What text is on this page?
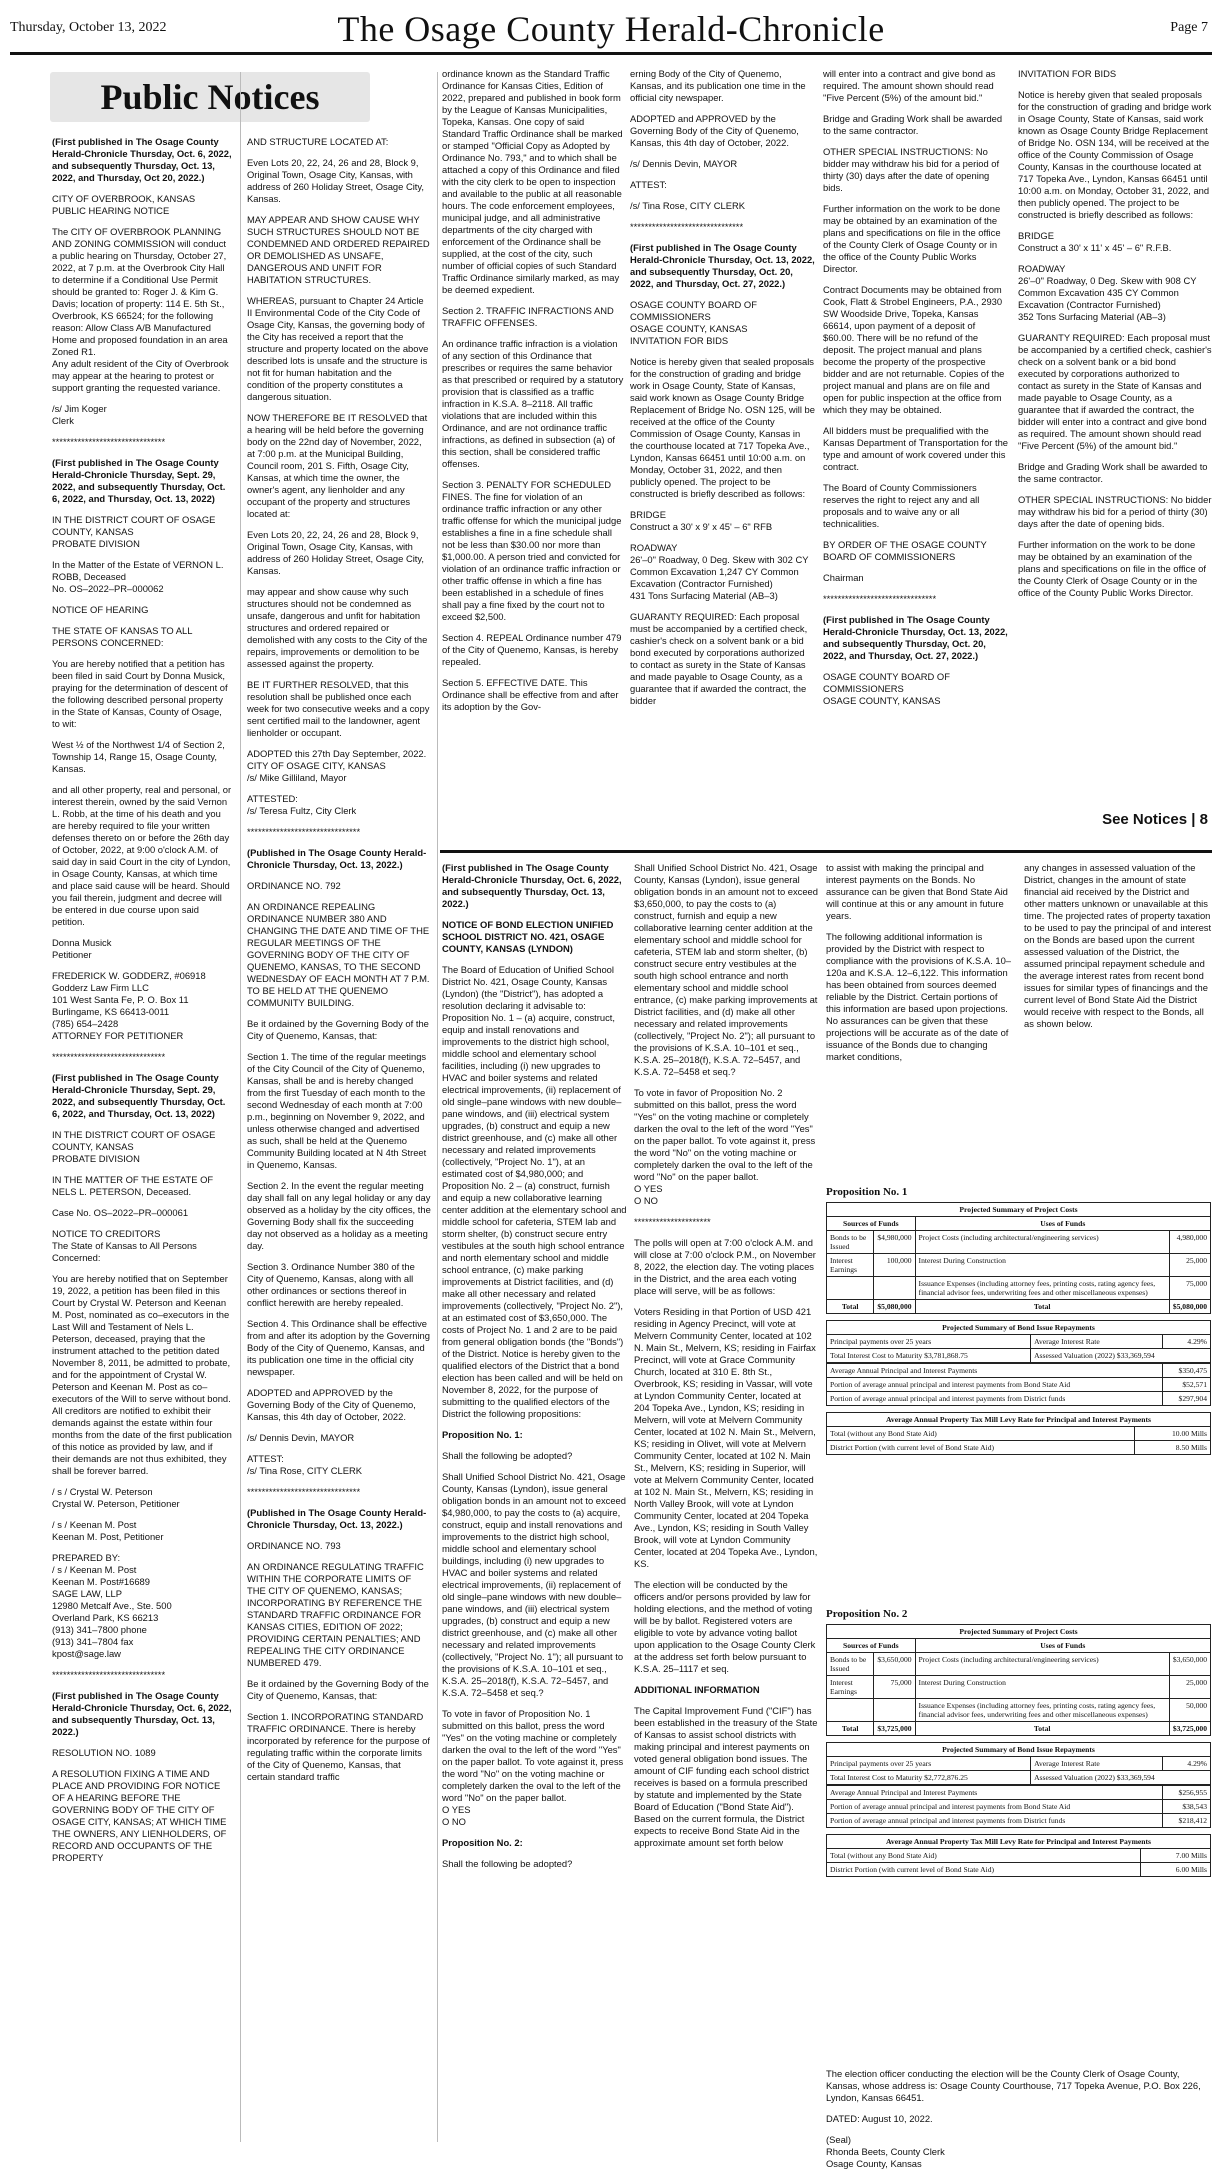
Thursday, October 13, 2022	The Osage County Herald-Chronicle	Page 7
Public Notices

(First published in The Osage County Herald-Chronicle Thursday, Oct. 6, 2022, and subsequently Thursday, Oct. 13, 2022, and Thursday, Oct 20, 2022.)

CITY OF OVERBROOK, KANSAS
PUBLIC HEARING NOTICE

The CITY OF OVERBROOK PLANNING AND ZONING COMMISSION will conduct a public hearing on Thursday, October 27, 2022, at 7 p.m. at the Overbrook City Hall to determine if a Conditional Use Permit should be granted to: Roger J. & Kim G. Davis; location of property: 114 E. 5th St., Overbrook, KS 66524; for the following reason: Allow Class A/B Manufactured Home and proposed foundation in an area Zoned R1.
Any adult resident of the City of Overbrook may appear at the hearing to protest or support granting the requested variance.

/s/ Jim Koger
Clerk

*******************************

(First published in The Osage County Herald-Chronicle Thursday, Sept. 29, 2022, and subsequently Thursday, Oct. 6, 2022, and Thursday, Oct. 13, 2022)

IN THE DISTRICT COURT OF OSAGE COUNTY, KANSAS
PROBATE DIVISION

In the Matter of the Estate of VERNON L. ROBB, Deceased
No. OS–2022–PR–000062

NOTICE OF HEARING

THE STATE OF KANSAS TO ALL PERSONS CONCERNED:

You are hereby notified that a petition has been filed in said Court by Donna Musick, praying for the determination of descent of the following described personal property in the State of Kansas, County of Osage, to wit:

West ½ of the Northwest 1/4 of Section 2, Township 14, Range 15, Osage County, Kansas.

and all other property, real and personal, or interest therein, owned by the said Vernon L. Robb, at the time of his death and you are hereby required to file your written defenses thereto on or before the 26th day of October, 2022, at 9:00 o'clock A.M. of said day in said Court in the city of Lyndon, in Osage County, Kansas, at which time and place said cause will be heard. Should you fail therein, judgment and decree will be entered in due course upon said petition.

Donna Musick
Petitioner

FREDERICK W. GODDERZ, #06918
Godderz Law Firm LLC
101 West Santa Fe, P. O. Box 11
Burlingame, KS 66413-0011
(785) 654–2428
ATTORNEY FOR PETITIONER

*******************************

(First published in The Osage County Herald-Chronicle Thursday, Sept. 29, 2022, and subsequently Thursday, Oct. 6, 2022, and Thursday, Oct. 13, 2022)

IN THE DISTRICT COURT OF OSAGE COUNTY, KANSAS
PROBATE DIVISION

IN THE MATTER OF THE ESTATE OF NELS L. PETERSON, Deceased.

Case No. OS–2022–PR–000061

NOTICE TO CREDITORS
The State of Kansas to All Persons Concerned:

You are hereby notified that on September 19, 2022, a petition has been filed in this Court by Crystal W. Peterson and Keenan M. Post, nominated as co–executors in the Last Will and Testament of Nels L. Peterson, deceased, praying that the instrument attached to the petition dated November 8, 2011, be admitted to probate, and for the appointment of Crystal W. Peterson and Keenan M. Post as co–executors of the Will to serve without bond.
All creditors are notified to exhibit their demands against the estate within four months from the date of the first publication of this notice as provided by law, and if their demands are not thus exhibited, they shall be forever barred.

/ s / Crystal W. Peterson
Crystal W. Peterson, Petitioner

/ s / Keenan M. Post
Keenan M. Post, Petitioner

PREPARED BY:
/ s / Keenan M. Post
Keenan M. Post#16689
SAGE LAW, LLP
12980 Metcalf Ave., Ste. 500
Overland Park, KS 66213
(913) 341–7800 phone
(913) 341–7804 fax
kpost@sage.law

*******************************

(First published in The Osage County Herald-Chronicle Thursday, Oct. 6, 2022, and subsequently Thursday, Oct. 13, 2022.)

RESOLUTION NO. 1089

A RESOLUTION FIXING A TIME AND PLACE AND PROVIDING FOR NOTICE OF A HEARING BEFORE THE GOVERNING BODY OF THE CITY OF OSAGE CITY, KANSAS; AT WHICH TIME THE OWNERS, ANY LIENHOLDERS, OF RECORD AND OCCUPANTS OF THE PROPERTY

AND STRUCTURE LOCATED AT:

Even Lots 20, 22, 24, 26 and 28, Block 9, Original Town, Osage City, Kansas, with address of 260 Holiday Street, Osage City, Kansas.

MAY APPEAR AND SHOW CAUSE WHY SUCH STRUCTURES SHOULD NOT BE CONDEMNED AND ORDERED REPAIRED OR DEMOLISHED AS UNSAFE, DANGEROUS AND UNFIT FOR HABITATION STRUCTURES.

WHEREAS, pursuant to Chapter 24 Article II Environmental Code of the City Code of Osage City, Kansas, the governing body of the City has received a report that the structure and property located on the above described lots is unsafe and the structure is not fit for human habitation and the condition of the property constitutes a dangerous situation.

NOW THEREFORE BE IT RESOLVED that a hearing will be held before the governing body on the 22nd day of November, 2022, at 7:00 p.m. at the Municipal Building, Council room, 201 S. Fifth, Osage City, Kansas, at which time the owner, the owner's agent, any lienholder and any occupant of the property and structures located at:

Even Lots 20, 22, 24, 26 and 28, Block 9, Original Town, Osage City, Kansas, with address of 260 Holiday Street, Osage City, Kansas.

may appear and show cause why such structures should not be condemned as unsafe, dangerous and unfit for habitation structures and ordered repaired or demolished with any costs to the City of the repairs, improvements or demolition to be assessed against the property.

BE IT FURTHER RESOLVED, that this resolution shall be published once each week for two consecutive weeks and a copy sent certified mail to the landowner, agent lienholder or occupant.

ADOPTED this 27th Day September, 2022.
CITY OF OSAGE CITY, KANSAS
/s/ Mike Gilliland, Mayor

ATTESTED:
/s/ Teresa Fultz, City Clerk

*******************************

(Published in The Osage County Herald-Chronicle Thursday, Oct. 13, 2022.)

ORDINANCE NO. 792

AN ORDINANCE REPEALING ORDINANCE NUMBER 380 AND CHANGING THE DATE AND TIME OF THE REGULAR MEETINGS OF THE GOVERNING BODY OF THE CITY OF QUENEMO, KANSAS, TO THE SECOND WEDNESDAY OF EACH MONTH AT 7 P.M. TO BE HELD AT THE QUENEMO COMMUNITY BUILDING.

Be it ordained by the Governing Body of the City of Quenemo, Kansas, that:

Section 1. The time of the regular meetings of the City Council of the City of Quenemo, Kansas, shall be and is hereby changed from the first Tuesday of each month to the second Wednesday of each month at 7:00 p.m., beginning on November 9, 2022, and unless otherwise changed and advertised as such, shall be held at the Quenemo Community Building located at N 4th Street in Quenemo, Kansas.

Section 2. In the event the regular meeting day shall fall on any legal holiday or any day observed as a holiday by the city offices, the Governing Body shall fix the succeeding day not observed as a holiday as a meeting day.

Section 3. Ordinance Number 380 of the City of Quenemo, Kansas, along with all other ordinances or sections thereof in conflict herewith are hereby repealed.

Section 4. This Ordinance shall be effective from and after its adoption by the Governing Body of the City of Quenemo, Kansas, and its publication one time in the official city newspaper.

ADOPTED and APPROVED by the Governing Body of the City of Quenemo, Kansas, this 4th day of October, 2022.

/s/ Dennis Devin, MAYOR

ATTEST:
/s/ Tina Rose, CITY CLERK

*******************************

(Published in The Osage County Herald-Chronicle Thursday, Oct. 13, 2022.)

ORDINANCE NO. 793

AN ORDINANCE REGULATING TRAFFIC WITHIN THE CORPORATE LIMITS OF THE CITY OF QUENEMO, KANSAS; INCORPORATING BY REFERENCE THE STANDARD TRAFFIC ORDINANCE FOR KANSAS CITIES, EDITION OF 2022; PROVIDING CERTAIN PENALTIES; AND REPEALING THE CITY ORDINANCE NUMBERED 479.

Be it ordained by the Governing Body of the City of Quenemo, Kansas, that:

Section 1. INCORPORATING STANDARD TRAFFIC ORDINANCE. There is hereby incorporated by reference for the purpose of regulating traffic within the corporate limits of the City of Quenemo, Kansas, that certain standard traffic

ordinance known as the Standard Traffic Ordinance for Kansas Cities, Edition of 2022, prepared and published in book form by the League of Kansas Municipalities, Topeka, Kansas. One copy of said Standard Traffic Ordinance shall be marked or stamped "Official Copy as Adopted by Ordinance No. 793," and to which shall be attached a copy of this Ordinance and filed with the city clerk to be open to inspection and available to the public at all reasonable hours. The code enforcement employees, municipal judge, and all administrative departments of the city charged with enforcement of the Ordinance shall be supplied, at the cost of the city, such number of official copies of such Standard Traffic Ordinance similarly marked, as may be deemed expedient.

Section 2. TRAFFIC INFRACTIONS AND TRAFFIC OFFENSES.

An ordinance traffic infraction is a violation of any section of this Ordinance that prescribes or requires the same behavior as that prescribed or required by a statutory provision that is classified as a traffic infraction in K.S.A. 8–2118. All traffic violations that are included within this Ordinance, and are not ordinance traffic infractions, as defined in subsection (a) of this section, shall be considered traffic offenses.

Section 3. PENALTY FOR SCHEDULED FINES. The fine for violation of an ordinance traffic infraction or any other traffic offense for which the municipal judge establishes a fine in a fine schedule shall not be less than $30.00 nor more than $1,000.00. A person tried and convicted for violation of an ordinance traffic infraction or other traffic offense in which a fine has been established in a schedule of fines shall pay a fine fixed by the court not to exceed $2,500.

Section 4. REPEAL Ordinance number 479 of the City of Quenemo, Kansas, is hereby repealed.

Section 5. EFFECTIVE DATE. This Ordinance shall be effective from and after its adoption by the Gov-

erning Body of the City of Quenemo, Kansas, and its publication one time in the official city newspaper.

ADOPTED and APPROVED by the Governing Body of the City of Quenemo, Kansas, this 4th day of October, 2022.

/s/ Dennis Devin, MAYOR

ATTEST:

/s/ Tina Rose, CITY CLERK

*******************************

(First published in The Osage County Herald-Chronicle Thursday, Oct. 13, 2022, and subsequently Thursday, Oct. 20, 2022, and Thursday, Oct. 27, 2022.)

OSAGE COUNTY BOARD OF COMMISSIONERS
OSAGE COUNTY, KANSAS
INVITATION FOR BIDS

Notice is hereby given that sealed proposals for the construction of grading and bridge work in Osage County, State of Kansas, said work known as Osage County Bridge Replacement of Bridge No. OSN 125, will be received at the office of the County Commission of Osage County, Kansas in the courthouse located at 717 Topeka Ave., Lyndon, Kansas 66451 until 10:00 a.m. on Monday, October 31, 2022, and then publicly opened. The project to be constructed is briefly described as follows:

BRIDGE
Construct a 30' x 9' x 45' – 6" RFB

ROADWAY
26'–0" Roadway, 0 Deg. Skew with 302 CY Common Excavation 1,247 CY Common Excavation (Contractor Furnished)
431 Tons Surfacing Material (AB–3)

GUARANTY REQUIRED: Each proposal must be accompanied by a certified check, cashier's check on a solvent bank or a bid bond executed by corporations authorized to contact as surety in the State of Kansas and made payable to Osage County, as a guarantee that if awarded the contract, the bidder

will enter into a contract and give bond as required. The amount shown should read "Five Percent (5%) of the amount bid."

Bridge and Grading Work shall be awarded to the same contractor.

OTHER SPECIAL INSTRUCTIONS: No bidder may withdraw his bid for a period of thirty (30) days after the date of opening bids.

Further information on the work to be done may be obtained by an examination of the plans and specifications on file in the office of the County Clerk of Osage County or in the office of the County Public Works Director.

Contract Documents may be obtained from Cook, Flatt & Strobel Engineers, P.A., 2930 SW Woodside Drive, Topeka, Kansas 66614, upon payment of a deposit of $60.00. There will be no refund of the deposit. The project manual and plans become the property of the prospective bidder and are not returnable. Copies of the project manual and plans are on file and open for public inspection at the office from which they may be obtained.

All bidders must be prequalified with the Kansas Department of Transportation for the type and amount of work covered under this contract.

The Board of County Commissioners reserves the right to reject any and all proposals and to waive any or all technicalities.

BY ORDER OF THE OSAGE COUNTY BOARD OF COMMISSIONERS

Chairman

*******************************

(First published in The Osage County Herald-Chronicle Thursday, Oct. 13, 2022, and subsequently Thursday, Oct. 20, 2022, and Thursday, Oct. 27, 2022.)

OSAGE COUNTY BOARD OF COMMISSIONERS
OSAGE COUNTY, KANSAS

INVITATION FOR BIDS

Notice is hereby given that sealed proposals for the construction of grading and bridge work in Osage County, State of Kansas, said work known as Osage County Bridge Replacement of Bridge No. OSN 134, will be received at the office of the County Commission of Osage County, Kansas in the courthouse located at 717 Topeka Ave., Lyndon, Kansas 66451 until 10:00 a.m. on Monday, October 31, 2022, and then publicly opened. The project to be constructed is briefly described as follows:

BRIDGE
Construct a 30' x 11' x 45' – 6" R.F.B.

ROADWAY
26'–0" Roadway, 0 Deg. Skew with 908 CY Common Excavation 435 CY Common Excavation (Contractor Furnished)
352 Tons Surfacing Material (AB–3)

GUARANTY REQUIRED: Each proposal must be accompanied by a certified check, cashier's check on a solvent bank or a bid bond executed by corporations authorized to contact as surety in the State of Kansas and made payable to Osage County, as a guarantee that if awarded the contract, the bidder will enter into a contract and give bond as required. The amount shown should read "Five Percent (5%) of the amount bid."

Bridge and Grading Work shall be awarded to the same contractor.

OTHER SPECIAL INSTRUCTIONS: No bidder may withdraw his bid for a period of thirty (30) days after the date of opening bids.

Further information on the work to be done may be obtained by an examination of the plans and specifications on file in the office of the County Clerk of Osage County or in the office of the County Public Works Director.

See Notices | 8

(First published in The Osage County Herald-Chronicle Thursday, Oct. 6, 2022, and subsequently Thursday, Oct. 13, 2022.)

NOTICE OF BOND ELECTION UNIFIED SCHOOL DISTRICT NO. 421, OSAGE COUNTY, KANSAS (LYNDON)

The Board of Education of Unified School District No. 421, Osage County, Kansas (Lyndon) (the "District"), has adopted a resolution declaring it advisable to: Proposition No. 1 – (a) acquire, construct, equip and install renovations and improvements to the district high school, middle school and elementary school facilities, including (i) new upgrades to HVAC and boiler systems and related electrical improvements, (ii) replacement of old single–pane windows with new double–pane windows, and (iii) electrical system upgrades, (b) construct and equip a new district greenhouse, and (c) make all other necessary and related improvements (collectively, "Project No. 1"), at an estimated cost of $4,980,000; and Proposition No. 2 – (a) construct, furnish and equip a new collaborative learning center addition at the elementary school and middle school for cafeteria, STEM lab and storm shelter, (b) construct secure entry vestibules at the south high school entrance and north elementary school and middle school entrance, (c) make parking improvements at District facilities, and (d) make all other necessary and related improvements (collectively, "Project No. 2"), at an estimated cost of $3,650,000. The costs of Project No. 1 and 2 are to be paid from general obligation bonds (the "Bonds") of the District. Notice is hereby given to the qualified electors of the District that a bond election has been called and will be held on November 8, 2022, for the purpose of submitting to the qualified electors of the District the following propositions:

Proposition No. 1:

Shall the following be adopted?

Shall Unified School District No. 421, Osage County, Kansas (Lyndon), issue general obligation bonds in an amount not to exceed $4,980,000, to pay the costs to (a) acquire, construct, equip and install renovations and improvements to the district high school, middle school and elementary school buildings, including (i) new upgrades to HVAC and boiler systems and related electrical improvements, (ii) replacement of old single–pane windows with new double–pane windows, and (iii) electrical system upgrades, (b) construct and equip a new district greenhouse, and (c) make all other necessary and related improvements (collectively, "Project No. 1"); all pursuant to the provisions of K.S.A. 10–101 et seq., K.S.A. 25–2018(f), K.S.A. 72–5457, and K.S.A. 72–5458 et seq.?

To vote in favor of Proposition No. 1 submitted on this ballot, press the word "Yes" on the voting machine or completely darken the oval to the left of the word "Yes" on the paper ballot. To vote against it, press the word "No" on the voting machine or completely darken the oval to the left of the word "No" on the paper ballot.
O YES
O NO

Proposition No. 2:

Shall the following be adopted?

Shall Unified School District No. 421, Osage County, Kansas (Lyndon), issue general obligation bonds in an amount not to exceed $3,650,000, to pay the costs to (a) construct, furnish and equip a new collaborative learning center addition at the elementary school and middle school for cafeteria, STEM lab and storm shelter, (b) construct secure entry vestibules at the south high school entrance and north elementary school and middle school entrance, (c) make parking improvements at District facilities, and (d) make all other necessary and related improvements (collectively, "Project No. 2"); all pursuant to the provisions of K.S.A. 10–101 et seq., K.S.A. 25–2018(f), K.S.A. 72–5457, and K.S.A. 72–5458 et seq.?

To vote in favor of Proposition No. 2 submitted on this ballot, press the word "Yes" on the voting machine or completely darken the oval to the left of the word "Yes" on the paper ballot. To vote against it, press the word "No" on the voting machine or completely darken the oval to the left of the word "No" on the paper ballot.
O YES
O NO

*********************

The polls will open at 7:00 o'clock A.M. and will close at 7:00 o'clock P.M., on November 8, 2022, the election day. The voting places in the District, and the area each voting place will serve, will be as follows:

Voters Residing in that Portion of USD 421 residing in Agency Precinct, will vote at Melvern Community Center, located at 102 N. Main St., Melvern, KS; residing in Fairfax Precinct, will vote at Grace Community Church, located at 310 E. 8th St., Overbrook, KS; residing in Vassar, will vote at Lyndon Community Center, located at 204 Topeka Ave., Lyndon, KS; residing in Melvern, will vote at Melvern Community Center, located at 102 N. Main St., Melvern, KS; residing in Olivet, will vote at Melvern Community Center, located at 102 N. Main St., Melvern, KS; residing in Superior, will vote at Melvern Community Center, located at 102 N. Main St., Melvern, KS; residing in North Valley Brook, will vote at Lyndon Community Center, located at 204 Topeka Ave., Lyndon, KS; residing in South Valley Brook, will vote at Lyndon Community Center, located at 204 Topeka Ave., Lyndon, KS.

The election will be conducted by the officers and/or persons provided by law for holding elections, and the method of voting will be by ballot. Registered voters are eligible to vote by advance voting ballot upon application to the Osage County Clerk at the address set forth below pursuant to K.S.A. 25–1117 et seq.

ADDITIONAL INFORMATION

The Capital Improvement Fund ("CIF") has been established in the treasury of the State of Kansas to assist school districts with making principal and interest payments on voted general obligation bond issues. The amount of CIF funding each school district receives is based on a formula prescribed by statute and implemented by the State Board of Education ("Bond State Aid"). Based on the current formula, the District expects to receive Bond State Aid in the approximate amount set forth below

to assist with making the principal and interest payments on the Bonds. No assurance can be given that Bond State Aid will continue at this or any amount in future years.

The following additional information is provided by the District with respect to compliance with the provisions of K.S.A. 10–120a and K.S.A. 12–6,122. This information has been obtained from sources deemed reliable by the District. Certain portions of this information are based upon projections. No assurances can be given that these projections will be accurate as of the date of issuance of the Bonds due to changing market conditions,

any changes in assessed valuation of the District, changes in the amount of state financial aid received by the District and other matters unknown or unavailable at this time. The projected rates of property taxation to be used to pay the principal of and interest on the Bonds are based upon the current assessed valuation of the District, the assumed principal repayment schedule and the average interest rates from recent bond issues for similar types of financings and the current level of Bond State Aid the District would receive with respect to the Bonds, all as shown below.

Proposition No. 1
Projected Summary of Project Costs			
Sources of Funds		Uses of Funds	
Bonds to be Issued	$4,980,000	Project Costs (including architectural/engineering services)	4,980,000
Interest Earnings	100,000	Interest During Construction	25,000
		Issuance Expenses (including attorney fees, printing costs, rating agency fees, financial advisor fees, underwriting fees and other miscellaneous expenses)	75,000
Total	$5,080,000	Total	$5,080,000
Projected Summary of Bond Issue Repayments		
Principal payments over 25 years	Average Interest Rate	4.29%
Total Interest Cost to Maturity $3,781,868.75	Assessed Valuation (2022) $33,369,594	
Average Annual Principal and Interest Payments	$350,475
Portion of average annual principal and interest payments from Bond State Aid	$52,571
Portion of average annual principal and interest payments from District funds	$297,904
Average Annual Property Tax Mill Levy Rate for Principal and Interest Payments	
Total (without any Bond State Aid)	10.00 Mills
District Portion (with current level of Bond State Aid)	8.50 Mills
Proposition No. 2
Projected Summary of Project Costs			
Sources of Funds		Uses of Funds	
Bonds to be Issued	$3,650,000	Project Costs (including architectural/engineering services)	$3,650,000
Interest Earnings	75,000	Interest During Construction	25,000
		Issuance Expenses (including attorney fees, printing costs, rating agency fees, financial advisor fees, underwriting fees and other miscellaneous expenses)	50,000
Total	$3,725,000	Total	$3,725,000
Projected Summary of Bond Issue Repayments		
Principal payments over 25 years	Average Interest Rate	4.29%
Total Interest Cost to Maturity $2,772,876.25	Assessed Valuation (2022) $33,369,594	
Average Annual Principal and Interest Payments	$256,955
Portion of average annual principal and interest payments from Bond State Aid	$38,543
Portion of average annual principal and interest payments from District funds	$218,412
Average Annual Property Tax Mill Levy Rate for Principal and Interest Payments	
Total (without any Bond State Aid)	7.00 Mills
District Portion (with current level of Bond State Aid)	6.00 Mills

The election officer conducting the election will be the County Clerk of Osage County, Kansas, whose address is: Osage County Courthouse, 717 Topeka Avenue, P.O. Box 226, Lyndon, Kansas 66451.

DATED: August 10, 2022.

(Seal)
Rhonda Beets, County Clerk
Osage County, Kansas
